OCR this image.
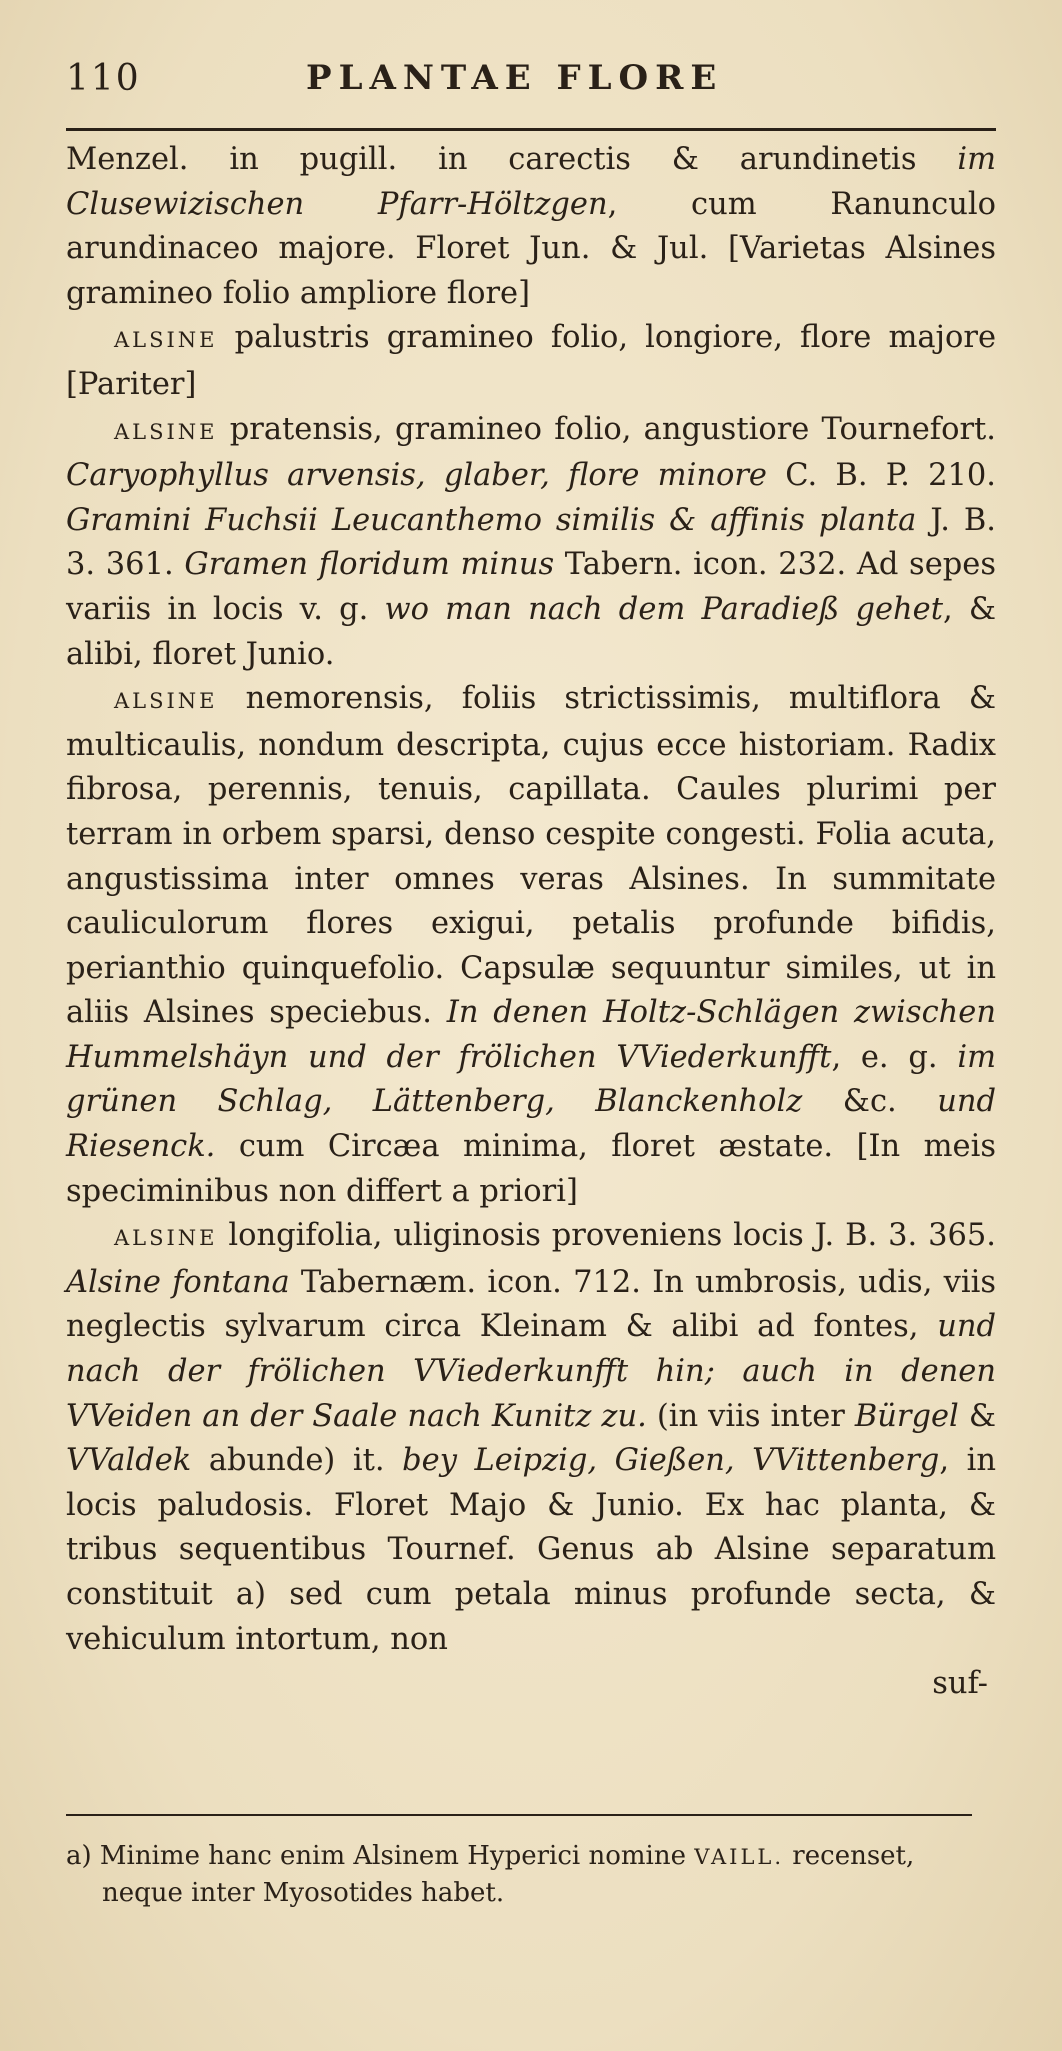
110	PLANTAE FLORE

Menzel. in pugill. in carectis & arundinetis im Clusewizischen Pfarr-Höltzgen, cum Ranunculo arundinaceo majore. Floret Jun. & Jul. [Varietas Alsines gramineo folio ampliore flore]

ALSINE palustris gramineo folio, longiore, flore majore [Pariter]

ALSINE pratensis, gramineo folio, angustiore Tournefort. Caryophyllus arvensis, glaber, flore minore C. B. P. 210. Gramini Fuchsii Leucanthemo similis & affinis planta J. B. 3. 361. Gramen floridum minus Tabern. icon. 232. Ad sepes variis in locis v. g. wo man nach dem Paradieß gehet, & alibi, floret Junio.

ALSINE nemorensis, foliis strictissimis, multiflora & multicaulis, nondum descripta, cujus ecce historiam. Radix fibrosa, perennis, tenuis, capillata. Caules plurimi per terram in orbem sparsi, denso cespite congesti. Folia acuta, angustissima inter omnes veras Alsines. In summitate cauliculorum flores exigui, petalis profunde bifidis, perianthio quinquefolio. Capsulæ sequuntur similes, ut in aliis Alsines speciebus. In denen Holtz-Schlägen zwischen Hummelshäyn und der frölichen VViederkunfft, e. g. im grünen Schlag, Lättenberg, Blanckenholz &c. und Riesenck. cum Circæa minima, floret æstate. [In meis speciminibus non differt a priori]

ALSINE longifolia, uliginosis proveniens locis J. B. 3. 365. Alsine fontana Tabernæm. icon. 712. In umbrosis, udis, viis neglectis sylvarum circa Kleinam & alibi ad fontes, und nach der frölichen VViederkunfft hin; auch in denen VVeiden an der Saale nach Kunitz zu. (in viis inter Bürgel & VValdek abunde) it. bey Leipzig, Gießen, VVittenberg, in locis paludosis. Floret Majo & Junio. Ex hac planta, & tribus sequentibus Tournef. Genus ab Alsine separatum constituit a) sed cum petala minus profunde secta, & vehiculum intortum, non

suf-

a) Minime hanc enim Alsinem Hyperici nomine VAILL. recenset, neque inter Myosotides habet.
